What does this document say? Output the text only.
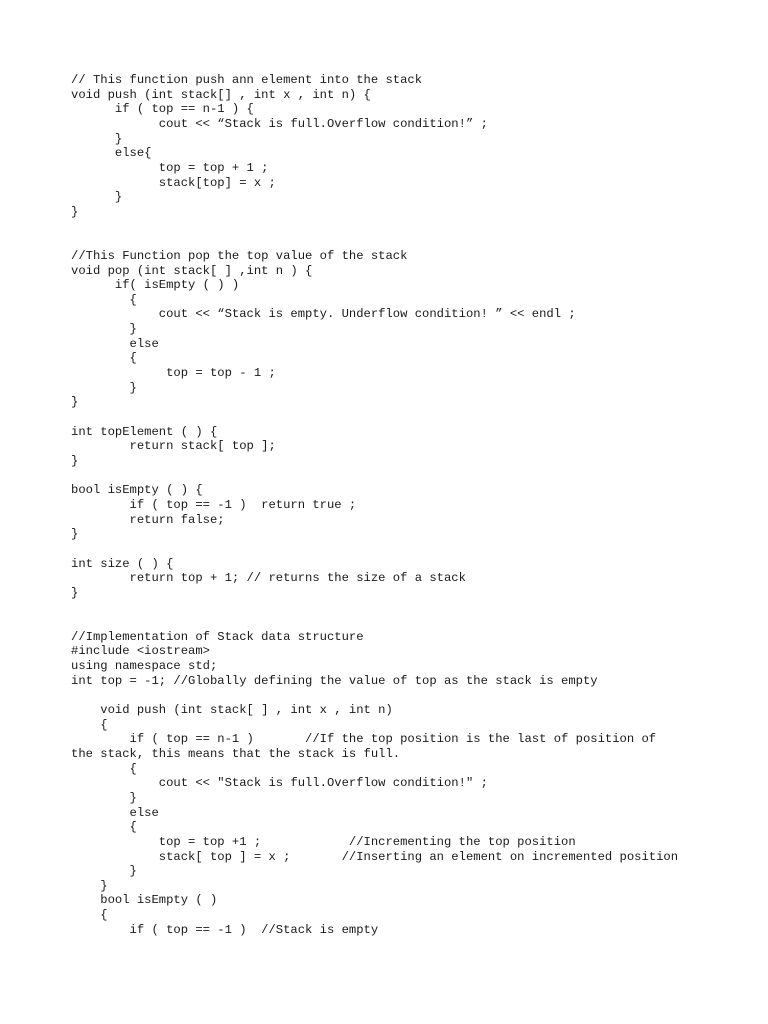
// This function push ann element into the stack
void push (int stack[] , int x , int n) {
if ( top == n-1 ) {
cout << “Stack is full.Overflow condition!” ;
}
else{
top = top + 1 ;
stack[top] = x ;
}
}
//This Function pop the top value of the stack
void pop (int stack[ ] ,int n ) {
if( isEmpty ( ) )
{
cout << “Stack is empty. Underflow condition! ” << endl ;
}
else
{
top = top - 1 ;
}
}
int topElement ( ) {
return stack[ top ];
}
bool isEmpty ( ) {
if ( top == -1 )  return true ;
return false;
}
int size ( ) {
return top + 1; // returns the size of a stack
}
//Implementation of Stack data structure
#include <iostream>
using namespace std;
int top = -1; //Globally defining the value of top as the stack is empty
void push (int stack[ ] , int x , int n)
{
if ( top == n-1 )       //If the top position is the last of position of
the stack, this means that the stack is full.
{
cout << "Stack is full.Overflow condition!" ;
}
else
{
top = top +1 ;            //Incrementing the top position
stack[ top ] = x ;       //Inserting an element on incremented position
}
}
bool isEmpty ( )
{
if ( top == -1 )  //Stack is empty
